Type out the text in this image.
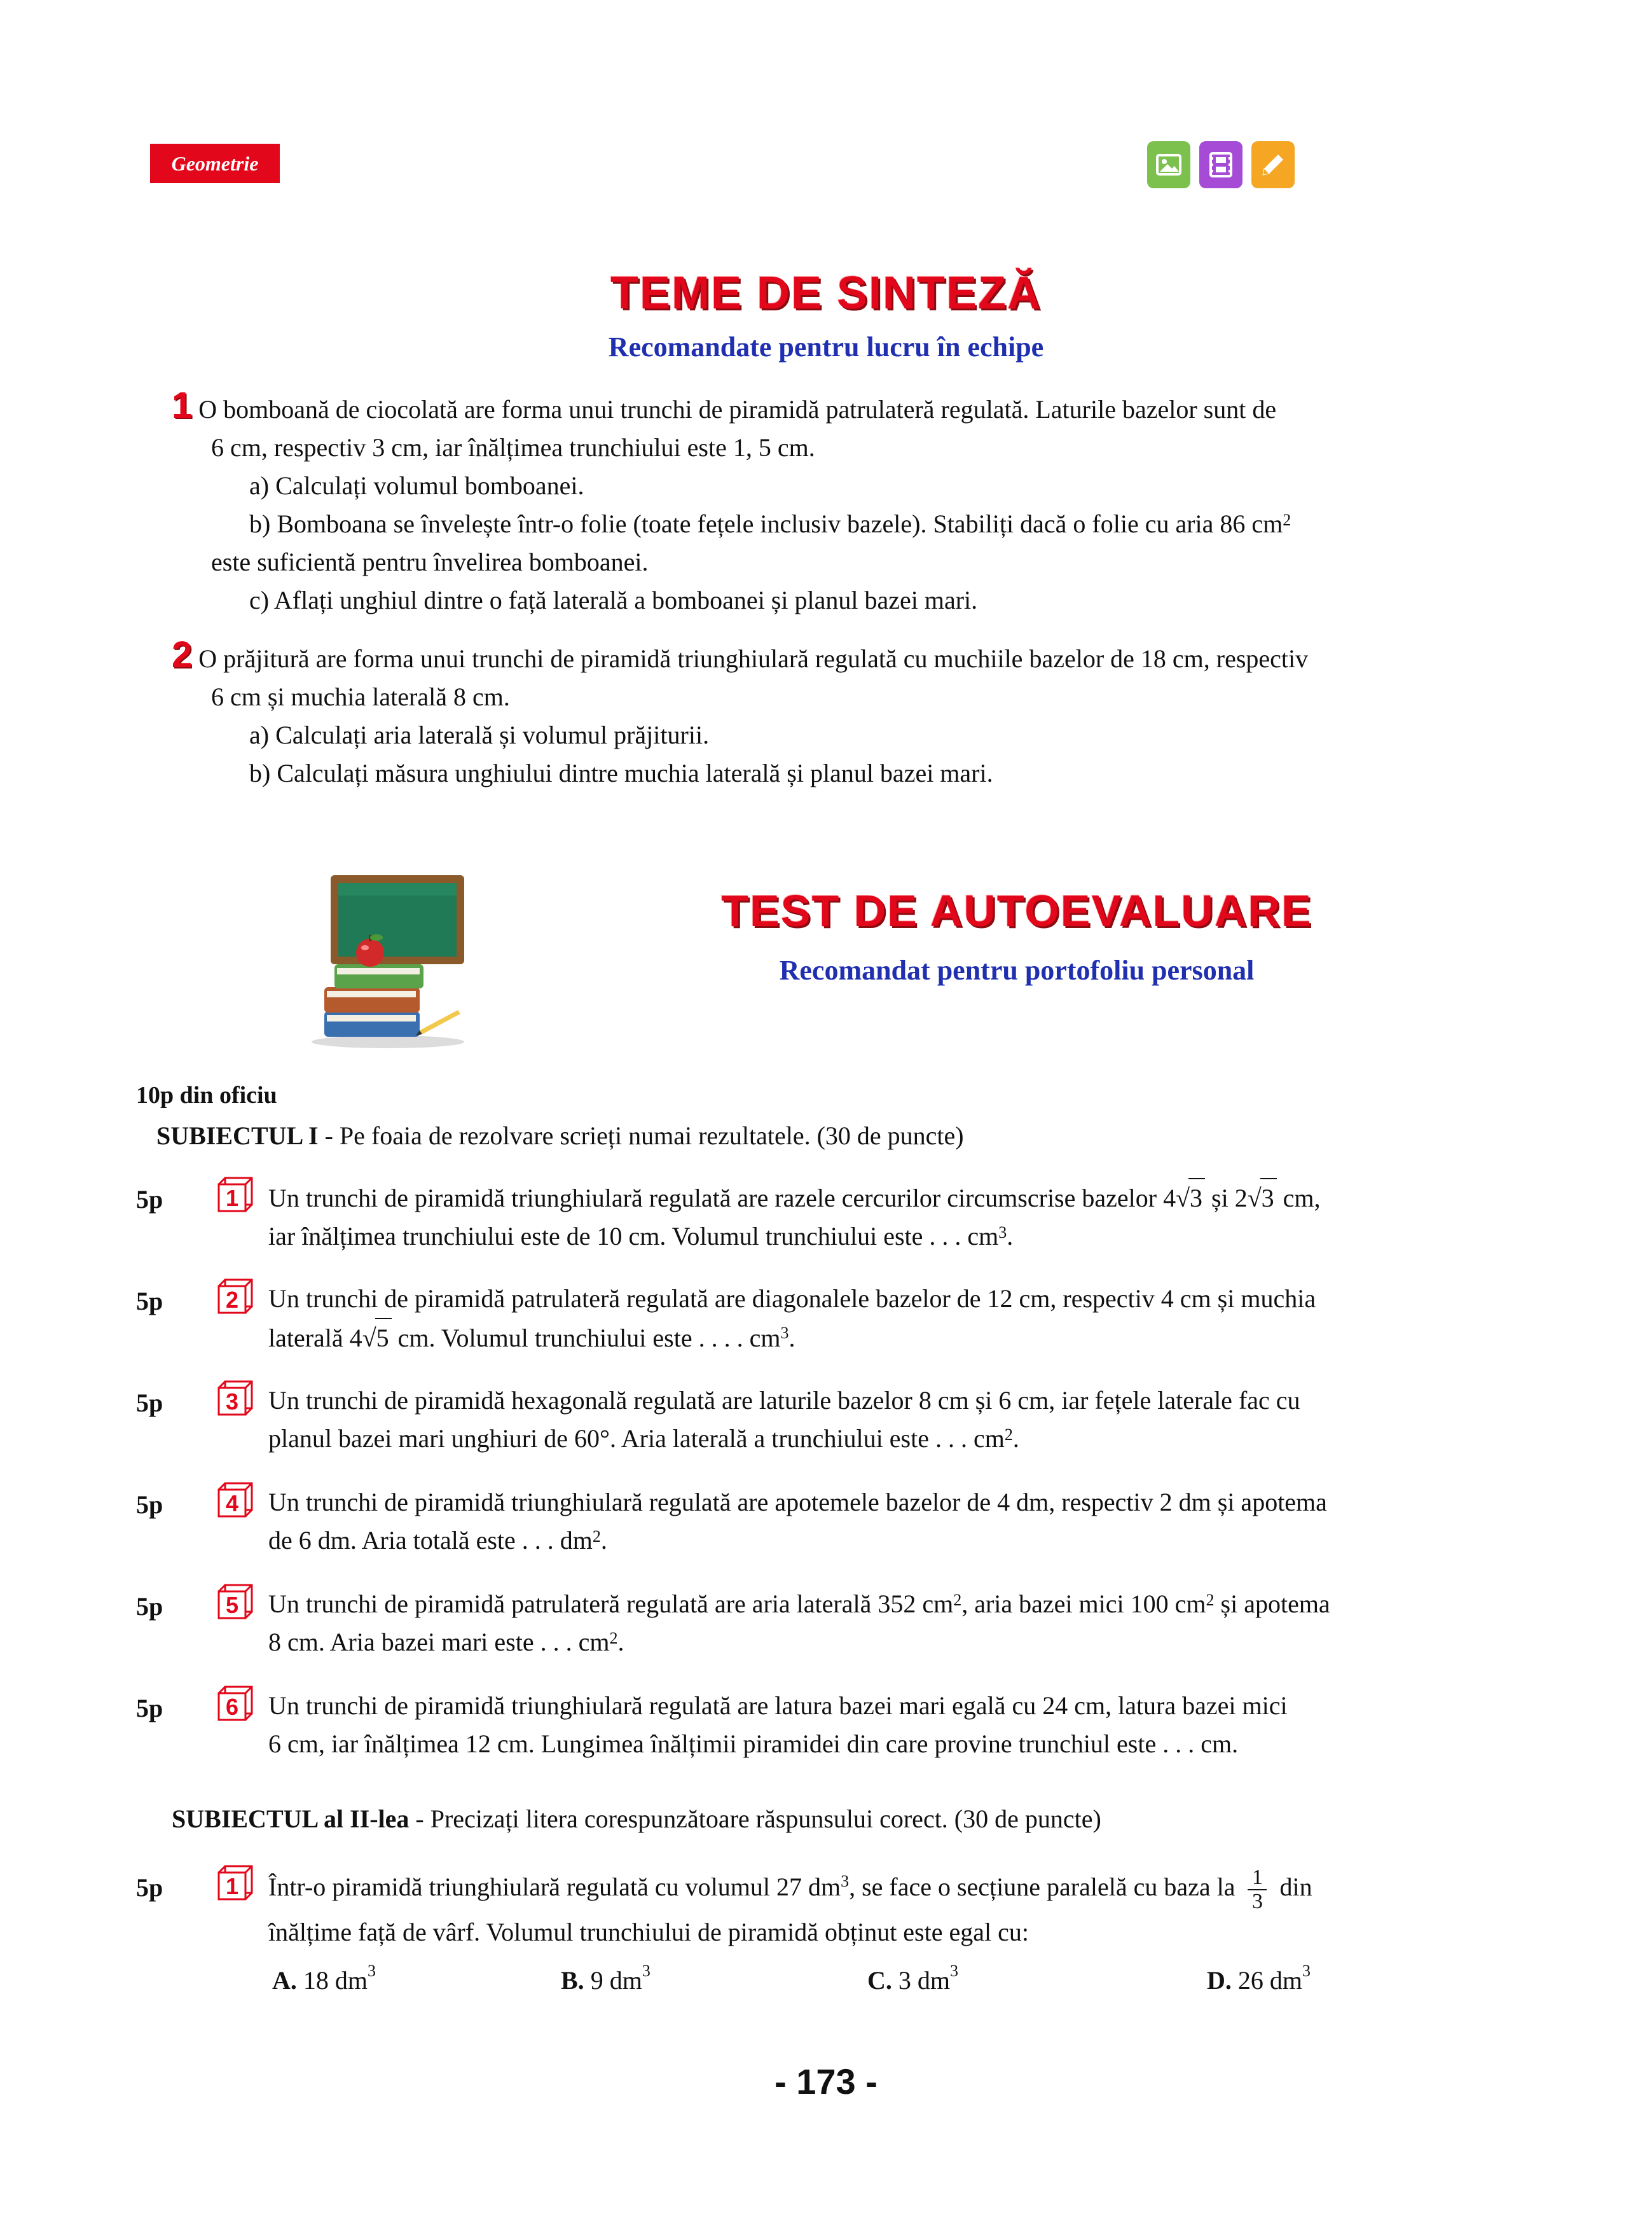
Geometrie
TEME DE SINTEZĂ
Recomandate pentru lucru în echipe
1 O bomboană de ciocolată are forma unui trunchi de piramidă patrulateră regulată. Laturile bazelor sunt de
6 cm, respectiv 3 cm, iar înălțimea trunchiului este 1, 5 cm.
a) Calculați volumul bomboanei.
b) Bomboana se învelește într-o folie (toate fețele inclusiv bazele). Stabiliți dacă o folie cu aria 86 $cm^2$
este suficientă pentru învelirea bomboanei.
c) Aflați unghiul dintre o față laterală a bomboanei și planul bazei mari.
2 O prăjitură are forma unui trunchi de piramidă triunghiulară regulată cu muchiile bazelor de 18 cm, respectiv
6 cm și muchia laterală 8 cm.
a) Calculați aria laterală și volumul prăjiturii.
b) Calculați măsura unghiului dintre muchia laterală și planul bazei mari.
TEST DE AUTOEVALUARE
Recomandat pentru portofoliu personal
10p din oficiu
SUBIECTUL I - Pe foaia de rezolvare scrieți numai rezultatele. (30 de puncte)
5p	1 Un trunchi de piramidă triunghiulară regulată are razele cercurilor circumscrise bazelor 4√3 și 2√3 cm,
iar înălțimea trunchiului este de 10 cm. Volumul trunchiului este . . . $cm^3$.
5p	2 Un trunchi de piramidă patrulateră regulată are diagonalele bazelor de 12 cm, respectiv 4 cm și muchia
laterală 4√5 cm. Volumul trunchiului este . . . . $cm^3$.
5p	3 Un trunchi de piramidă hexagonală regulată are laturile bazelor 8 cm și 6 cm, iar fețele laterale fac cu
planul bazei mari unghiuri de 60°. Aria laterală a trunchiului este . . . $cm^2$.
5p	4 Un trunchi de piramidă triunghiulară regulată are apotemele bazelor de 4 dm, respectiv 2 dm și apotema
de 6 dm. Aria totală este . . . $dm^2$.
5p	5 Un trunchi de piramidă patrulateră regulată are aria laterală 352 $cm^2$, aria bazei mici 100 $cm^2$ și apotema
8 cm. Aria bazei mari este . . . $cm^2$.
5p	6 Un trunchi de piramidă triunghiulară regulată are latura bazei mari egală cu 24 cm, latura bazei mici
6 cm, iar înălțimea 12 cm. Lungimea înălțimii piramidei din care provine trunchiul este . . . cm.
SUBIECTUL al II-lea - Precizați litera corespunzătoare răspunsului corect. (30 de puncte)
5p	1 Într-o piramidă triunghiulară regulată cu volumul 27 $dm^3$, se face o secțiune paralelă cu baza la $\frac{1}{3}$ din
înălțime față de vârf. Volumul trunchiului de piramidă obținut este egal cu:
A. 18 $dm^3$	B. 9 $dm^3$	C. 3 $dm^3$	D. 26 $dm^3$
- 173 -
